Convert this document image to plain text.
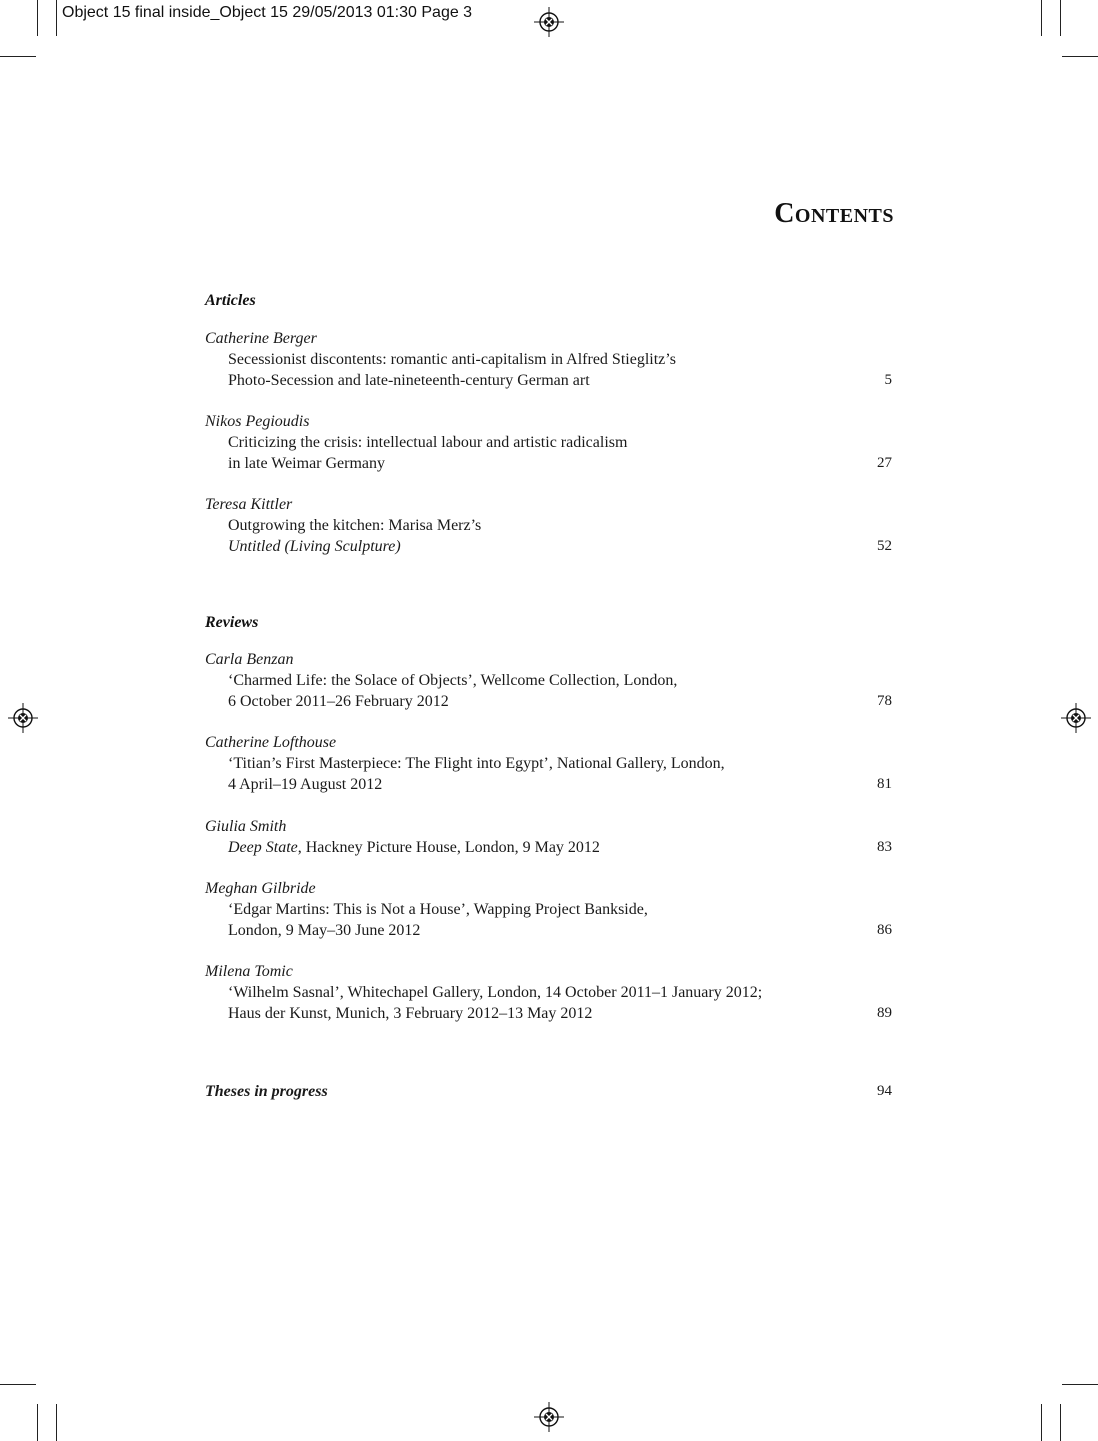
Object 15 final inside_Object 15 29/05/2013 01:30 Page 3
Contents
Articles
Catherine Berger
Secessionist discontents: romantic anti-capitalism in Alfred Stieglitz’s
Photo-Secession and late-nineteenth-century German art	5
Nikos Pegioudis
Criticizing the crisis: intellectual labour and artistic radicalism
in late Weimar Germany	27
Teresa Kittler
Outgrowing the kitchen: Marisa Merz’s
Untitled (Living Sculpture)	52
Reviews
Carla Benzan
‘Charmed Life: the Solace of Objects’, Wellcome Collection, London,
6 October 2011–26 February 2012	78
Catherine Lofthouse
‘Titian’s First Masterpiece: The Flight into Egypt’, National Gallery, London,
4 April–19 August 2012	81
Giulia Smith
Deep State, Hackney Picture House, London, 9 May 2012	83
Meghan Gilbride
‘Edgar Martins: This is Not a House’, Wapping Project Bankside,
London, 9 May–30 June 2012	86
Milena Tomic
‘Wilhelm Sasnal’, Whitechapel Gallery, London, 14 October 2011–1 January 2012;
Haus der Kunst, Munich, 3 February 2012–13 May 2012	89
Theses in progress	94
